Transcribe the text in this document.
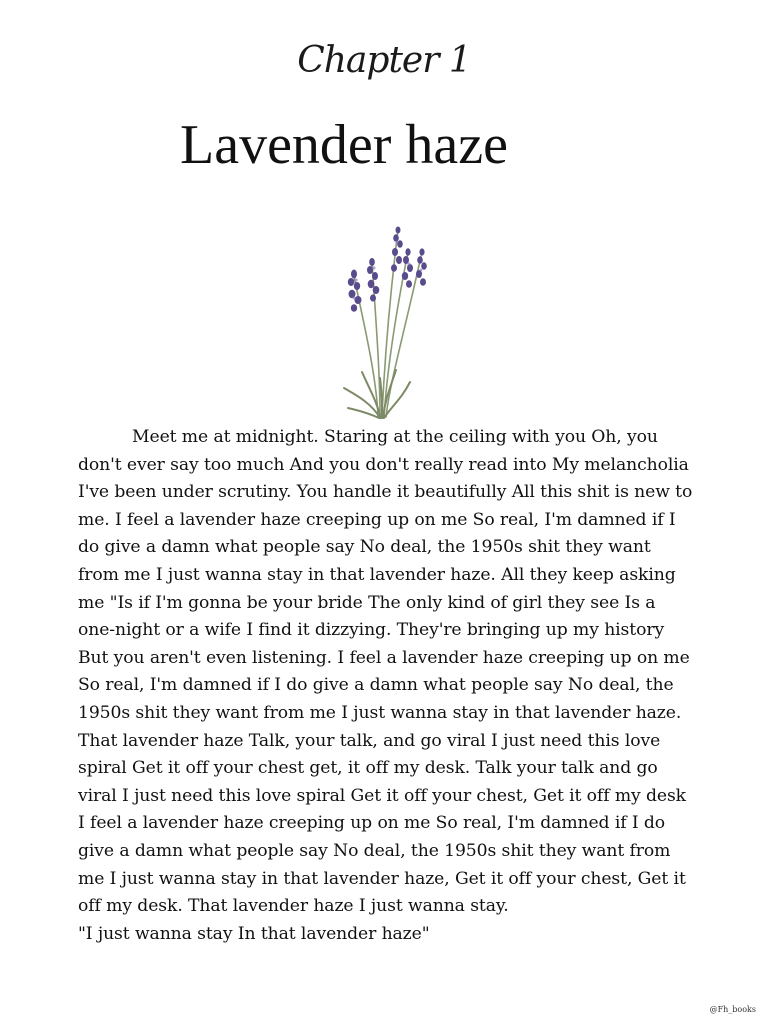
Chapter 1
Lavender haze

Meet me at midnight. Staring at the ceiling with you Oh, you don't ever say too much And you don't really read into My melancholia I've been under scrutiny. You handle it beautifully All this shit is new to me. I feel a lavender haze creeping up on me So real, I'm damned if I do give a damn what people say No deal, the 1950s shit they want from me I just wanna stay in that lavender haze. All they keep asking me "Is if I'm gonna be your bride The only kind of girl they see Is a one-night or a wife I find it dizzying. They're bringing up my history But you aren't even listening. I feel a lavender haze creeping up on me So real, I'm damned if I do give a damn what people say No deal, the 1950s shit they want from me I just wanna stay in that lavender haze. That lavender haze Talk, your talk, and go viral I just need this love spiral Get it off your chest get, it off my desk. Talk your talk and go viral I just need this love spiral Get it off your chest, Get it off my desk I feel a lavender haze creeping up on me So real, I'm damned if I do give a damn what people say No deal, the 1950s shit they want from me I just wanna stay in that lavender haze, Get it off your chest, Get it off my desk. That lavender haze I just wanna stay.

"I just wanna stay In that lavender haze"

@Fh_books
